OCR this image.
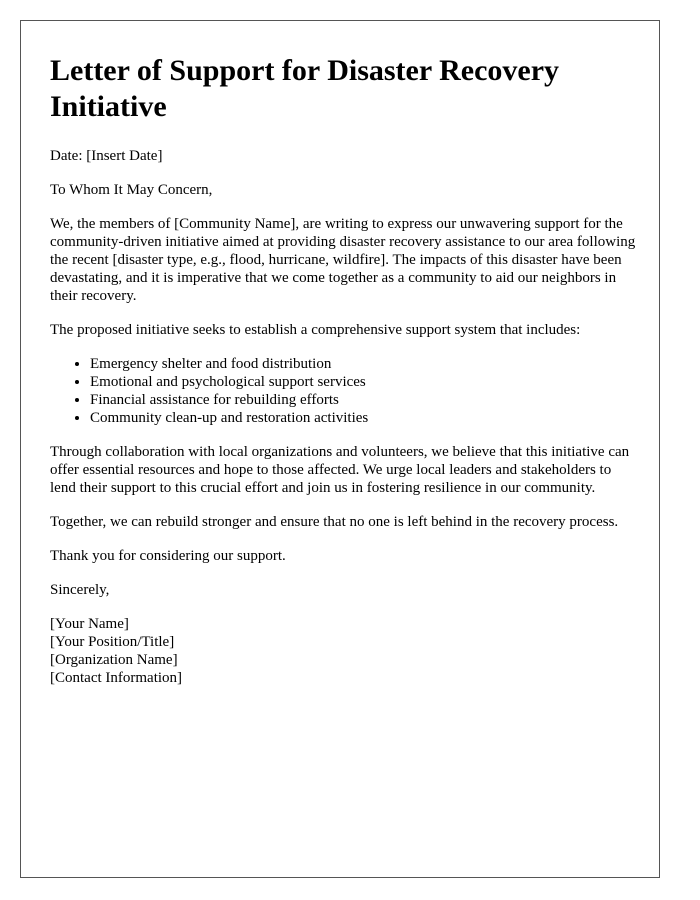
Letter of Support for Disaster Recovery Initiative

Date: [Insert Date]

To Whom It May Concern,

We, the members of [Community Name], are writing to express our unwavering support for the community-driven initiative aimed at providing disaster recovery assistance to our area following the recent [disaster type, e.g., flood, hurricane, wildfire]. The impacts of this disaster have been devastating, and it is imperative that we come together as a community to aid our neighbors in their recovery.

The proposed initiative seeks to establish a comprehensive support system that includes:

• Emergency shelter and food distribution
• Emotional and psychological support services
• Financial assistance for rebuilding efforts
• Community clean-up and restoration activities

Through collaboration with local organizations and volunteers, we believe that this initiative can offer essential resources and hope to those affected. We urge local leaders and stakeholders to lend their support to this crucial effort and join us in fostering resilience in our community.

Together, we can rebuild stronger and ensure that no one is left behind in the recovery process.

Thank you for considering our support.

Sincerely,

[Your Name]

[Your Position/Title]

[Organization Name]

[Contact Information]
